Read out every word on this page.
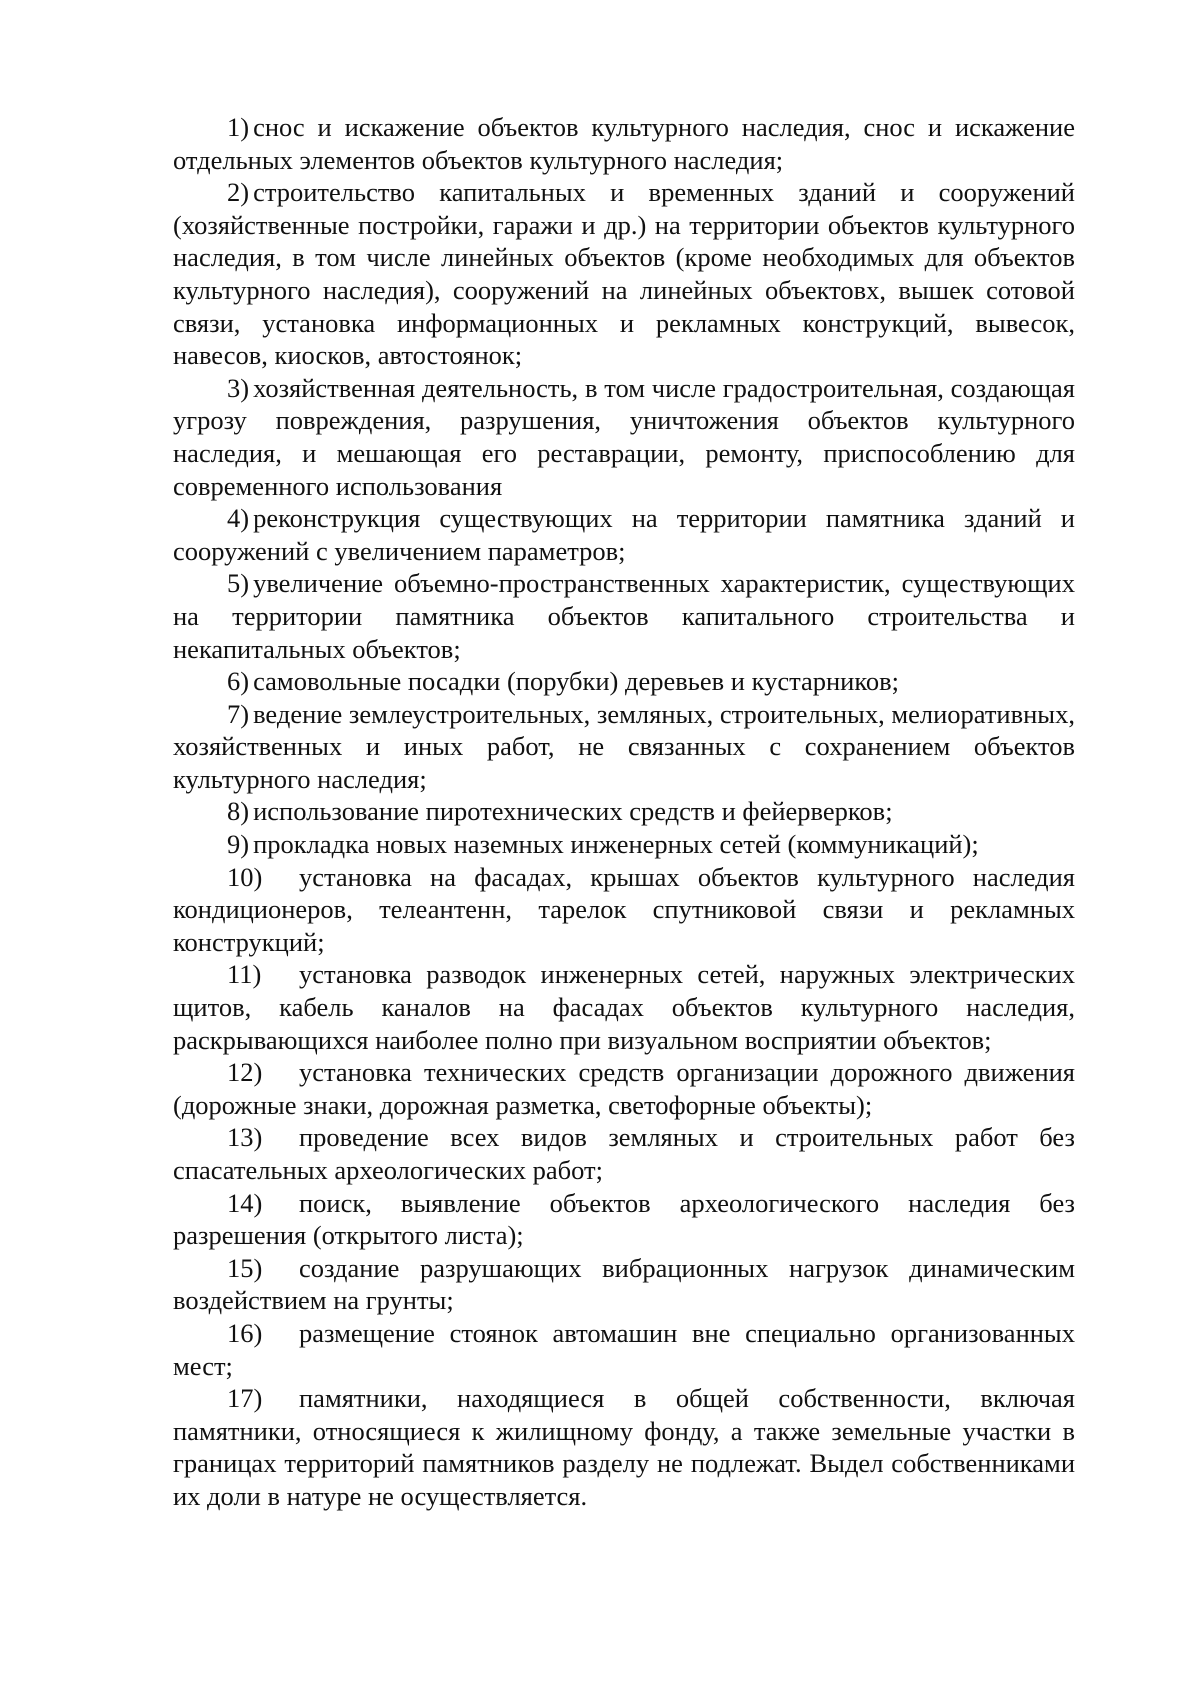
1) снос и искажение объектов культурного наследия, снос и искажение отдельных элементов объектов культурного наследия;

2) строительство капитальных и временных зданий и сооружений (хозяйственные постройки, гаражи и др.) на территории объектов культурного наследия, в том числе линейных объектов (кроме необходимых для объектов культурного наследия), сооружений на линейных объектовх, вышек сотовой связи, установка информационных и рекламных конструкций, вывесок, навесов, киосков, автостоянок;

3) хозяйственная деятельность, в том числе градостроительная, создающая угрозу повреждения, разрушения, уничтожения объектов культурного наследия, и мешающая его реставрации, ремонту, приспособлению для современного использования

4) реконструкция существующих на территории памятника зданий и сооружений с увеличением параметров;

5) увеличение объемно-пространственных характеристик, существующих на территории памятника объектов капитального строительства и некапитальных объектов;

6) самовольные посадки (порубки) деревьев и кустарников;

7) ведение землеустроительных, земляных, строительных, мелиоративных, хозяйственных и иных работ, не связанных с сохранением объектов культурного наследия;

8) использование пиротехнических средств и фейерверков;

9) прокладка новых наземных инженерных сетей (коммуникаций);

10) установка на фасадах, крышах объектов культурного наследия кондиционеров, телеантенн, тарелок спутниковой связи и рекламных конструкций;

11) установка разводок инженерных сетей, наружных электрических щитов, кабель каналов на фасадах объектов культурного наследия, раскрывающихся наиболее полно при визуальном восприятии объектов;

12) установка технических средств организации дорожного движения (дорожные знаки, дорожная разметка, светофорные объекты);

13) проведение всех видов земляных и строительных работ без спасательных археологических работ;

14) поиск, выявление объектов археологического наследия без разрешения (открытого листа);

15) создание разрушающих вибрационных нагрузок динамическим воздействием на грунты;

16) размещение стоянок автомашин вне специально организованных мест;

17) памятники, находящиеся в общей собственности, включая памятники, относящиеся к жилищному фонду, а также земельные участки в границах территорий памятников разделу не подлежат. Выдел собственниками их доли в натуре не осуществляется.
